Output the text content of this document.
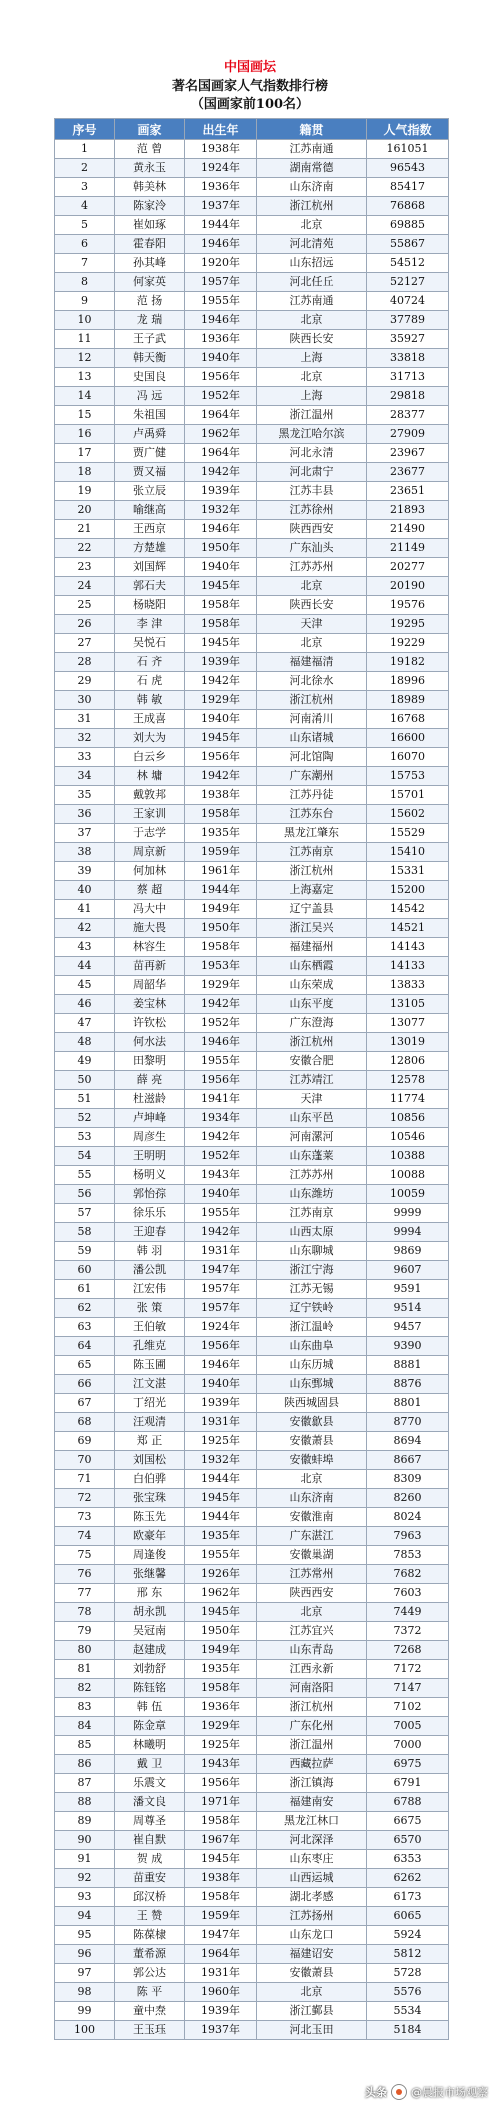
中国画坛
著名国画家人气指数排行榜
（国画家前100名）
序号	画家	出生年	籍贯	人气指数
1	范 曾	1938年	江苏南通	161051
2	黄永玉	1924年	湖南常德	96543
3	韩美林	1936年	山东济南	85417
4	陈家泠	1937年	浙江杭州	76868
5	崔如琢	1944年	北京	69885
6	霍春阳	1946年	河北清苑	55867
7	孙其峰	1920年	山东招远	54512
8	何家英	1957年	河北任丘	52127
9	范 扬	1955年	江苏南通	40724
10	龙 瑞	1946年	北京	37789
11	王子武	1936年	陕西长安	35927
12	韩天衡	1940年	上海	33818
13	史国良	1956年	北京	31713
14	冯 远	1952年	上海	29818
15	朱祖国	1964年	浙江温州	28377
16	卢禹舜	1962年	黑龙江哈尔滨	27909
17	贾广健	1964年	河北永清	23967
18	贾又福	1942年	河北肃宁	23677
19	张立辰	1939年	江苏丰县	23651
20	喻继高	1932年	江苏徐州	21893
21	王西京	1946年	陕西西安	21490
22	方楚雄	1950年	广东汕头	21149
23	刘国辉	1940年	江苏苏州	20277
24	郭石夫	1945年	北京	20190
25	杨晓阳	1958年	陕西长安	19576
26	李 津	1958年	天津	19295
27	吴悦石	1945年	北京	19229
28	石 齐	1939年	福建福清	19182
29	石 虎	1942年	河北徐水	18996
30	韩 敏	1929年	浙江杭州	18989
31	王成喜	1940年	河南淆川	16768
32	刘大为	1945年	山东诸城	16600
33	白云乡	1956年	河北馆陶	16070
34	林 墉	1942年	广东潮州	15753
35	戴敦邦	1938年	江苏丹徒	15701
36	王家训	1958年	江苏东台	15602
37	于志学	1935年	黑龙江肇东	15529
38	周京新	1959年	江苏南京	15410
39	何加林	1961年	浙江杭州	15331
40	蔡 超	1944年	上海嘉定	15200
41	冯大中	1949年	辽宁盖县	14542
42	施大畏	1950年	浙江吴兴	14521
43	林容生	1958年	福建福州	14143
44	苗再新	1953年	山东栖霞	14133
45	周韶华	1929年	山东荣成	13833
46	姜宝林	1942年	山东平度	13105
47	许钦松	1952年	广东澄海	13077
48	何水法	1946年	浙江杭州	13019
49	田黎明	1955年	安徽合肥	12806
50	薛 亮	1956年	江苏靖江	12578
51	杜滋龄	1941年	天津	11774
52	卢坤峰	1934年	山东平邑	10856
53	周彦生	1942年	河南漯河	10546
54	王明明	1952年	山东蓬莱	10388
55	杨明义	1943年	江苏苏州	10088
56	郭怡孮	1940年	山东潍坊	10059
57	徐乐乐	1955年	江苏南京	9999
58	王迎春	1942年	山西太原	9994
59	韩 羽	1931年	山东聊城	9869
60	潘公凯	1947年	浙江宁海	9607
61	江宏伟	1957年	江苏无锡	9591
62	张 策	1957年	辽宁铁岭	9514
63	王伯敏	1924年	浙江温岭	9457
64	孔维克	1956年	山东曲阜	9390
65	陈玉圃	1946年	山东历城	8881
66	江文湛	1940年	山东鄄城	8876
67	丁绍光	1939年	陕西城固县	8801
68	汪观清	1931年	安徽歙县	8770
69	郑 正	1925年	安徽萧县	8694
70	刘国松	1932年	安徽蚌埠	8667
71	白伯骅	1944年	北京	8309
72	张宝珠	1945年	山东济南	8260
73	陈玉先	1944年	安徽淮南	8024
74	欧豪年	1935年	广东湛江	7963
75	周逢俊	1955年	安徽巢湖	7853
76	张继馨	1926年	江苏常州	7682
77	邢 东	1962年	陕西西安	7603
78	胡永凯	1945年	北京	7449
79	吴冠南	1950年	江苏宜兴	7372
80	赵建成	1949年	山东青岛	7268
81	刘勃舒	1935年	江西永新	7172
82	陈钰铭	1958年	河南洛阳	7147
83	韩 伍	1936年	浙江杭州	7102
84	陈金章	1929年	广东化州	7005
85	林曦明	1925年	浙江温州	7000
86	戴 卫	1943年	西藏拉萨	6975
87	乐震文	1956年	浙江镇海	6791
88	潘文良	1971年	福建南安	6788
89	周尊圣	1958年	黑龙江林口	6675
90	崔自默	1967年	河北深泽	6570
91	贺 成	1945年	山东枣庄	6353
92	苗重安	1938年	山西运城	6262
93	邱汉桥	1958年	湖北孝感	6173
94	王 赞	1959年	江苏扬州	6065
95	陈葆棣	1947年	山东龙口	5924
96	董希源	1964年	福建诏安	5812
97	郭公达	1931年	安徽萧县	5728
98	陈 平	1960年	北京	5576
99	童中焘	1939年	浙江鄞县	5534
100	王玉珏	1937年	河北玉田	5184
头条 @晨报市场观察
